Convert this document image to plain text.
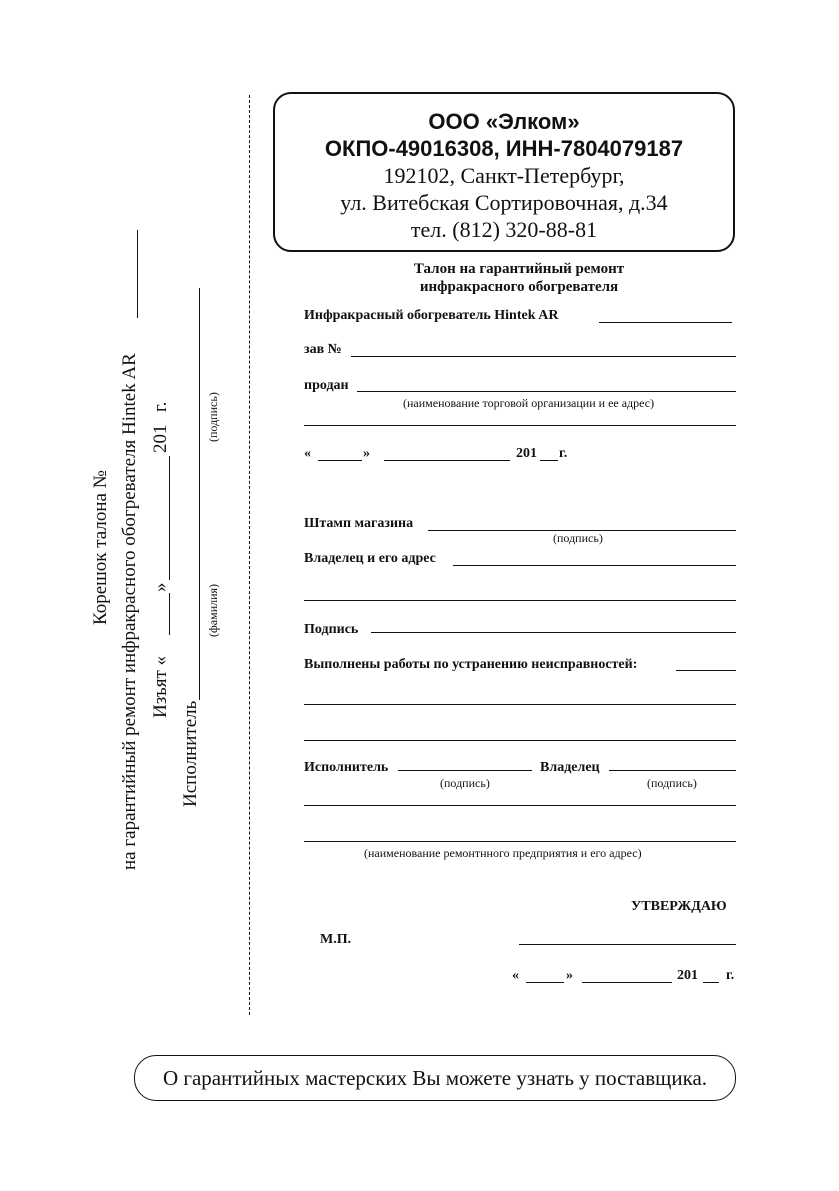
Корешок талона № на гарантийный ремонт инфракрасного обогревателя Hintek AR Изъят «
»
201
г.
Исполнитель
(фамилия)
(подпись)
ООО «Элком»
ОКПО-49016308, ИНН-7804079187
192102, Санкт-Петербург,
ул. Витебская Сортировочная, д.34
тел. (812) 320-88-81
Талон на гарантийный ремонт
инфракрасного обогревателя
Инфракрасный обогреватель Hintek AR
зав №
продан
(наименование торговой организации и ее адрес)
«	»	201 г.
Штамп магазина
(подпись)
Владелец и его адрес
Подпись
Выполнены работы по устранению неисправностей:
Исполнитель
(подпись)
Владелец
(подпись)
(наименование ремонтнного предприятия и его адрес)
УТВЕРЖДАЮ
М.П.
«	»	201 г.
О гарантийных мастерских Вы можете узнать у поставщика.
